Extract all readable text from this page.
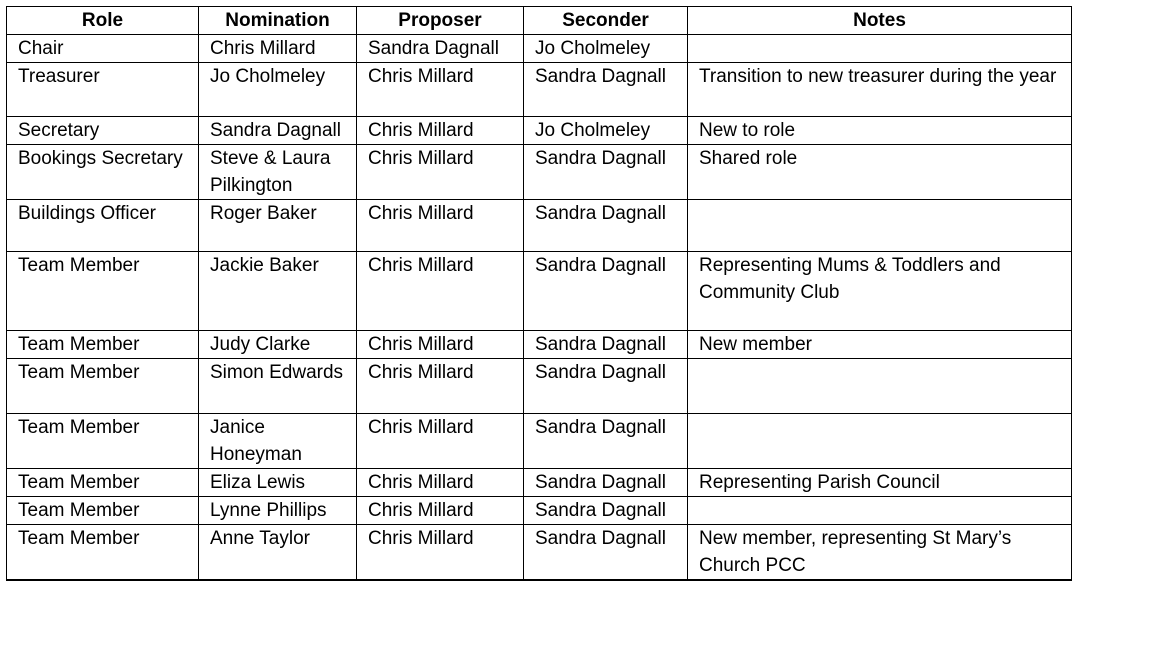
Role	Nomination	Proposer	Seconder	Notes
Chair	Chris Millard	Sandra Dagnall	Jo Cholmeley	
Treasurer	Jo Cholmeley	Chris Millard	Sandra Dagnall	Transition to new treasurer during the year
Secretary	Sandra Dagnall	Chris Millard	Jo Cholmeley	New to role
Bookings Secretary	Steve & Laura Pilkington	Chris Millard	Sandra Dagnall	Shared role
Buildings Officer	Roger Baker	Chris Millard	Sandra Dagnall	
Team Member	Jackie Baker	Chris Millard	Sandra Dagnall	Representing Mums & Toddlers and Community Club
Team Member	Judy Clarke	Chris Millard	Sandra Dagnall	New member
Team Member	Simon Edwards	Chris Millard	Sandra Dagnall	
Team Member	Janice Honeyman	Chris Millard	Sandra Dagnall	
Team Member	Eliza Lewis	Chris Millard	Sandra Dagnall	Representing Parish Council
Team Member	Lynne Phillips	Chris Millard	Sandra Dagnall	
Team Member	Anne Taylor	Chris Millard	Sandra Dagnall	New member, representing St Mary’s Church PCC
